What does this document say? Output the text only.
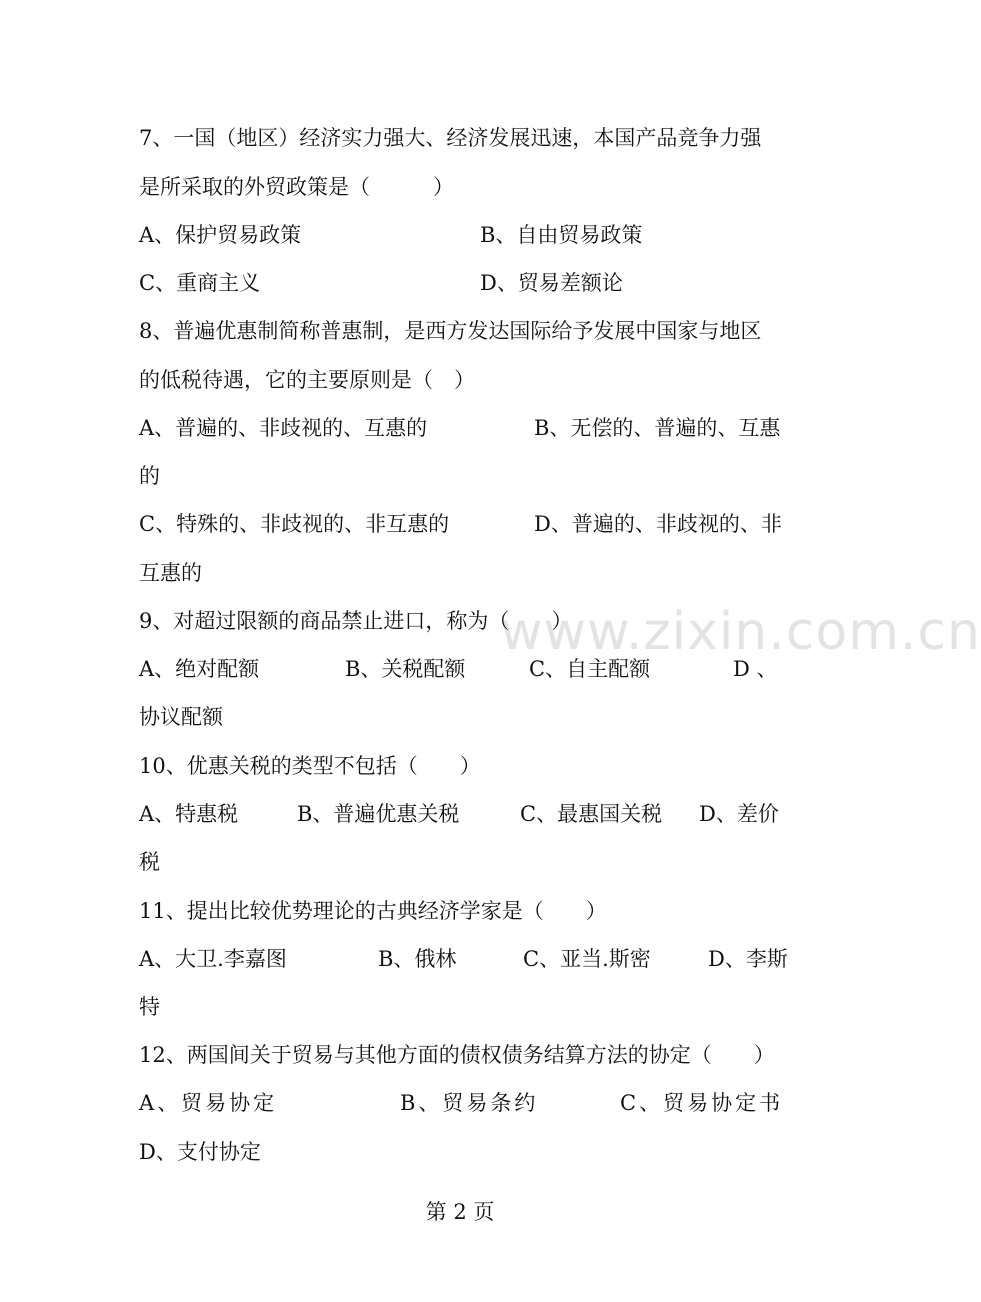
www.zixin.com.cn
7、一国（地区）经济实力强大、经济发展迅速，本国产品竞争力强
是所采取的外贸政策是（　　　）
A、保护贸易政策	B、自由贸易政策
C、重商主义	D、贸易差额论
8、普遍优惠制简称普惠制，是西方发达国际给予发展中国家与地区
的低税待遇，它的主要原则是（　）
A、普遍的、非歧视的、互惠的	B、无偿的、普遍的、互惠
的
C、特殊的、非歧视的、非互惠的	D、普遍的、非歧视的、非
互惠的
9、对超过限额的商品禁止进口，称为（　　）
A、绝对配额	B、关税配额	C、自主配额	D 、
协议配额
10、优惠关税的类型不包括（　　）
A、特惠税	B、普遍优惠关税	C、最惠国关税 D、差价
税
11、提出比较优势理论的古典经济学家是（　　）
A、大卫.李嘉图	B、俄林	C、亚当.斯密	D、李斯
特
12、两国间关于贸易与其他方面的债权债务结算方法的协定（　　）
A、贸易协定	B、贸易条约	C、贸易协定书
D、支付协定
第 2 页
